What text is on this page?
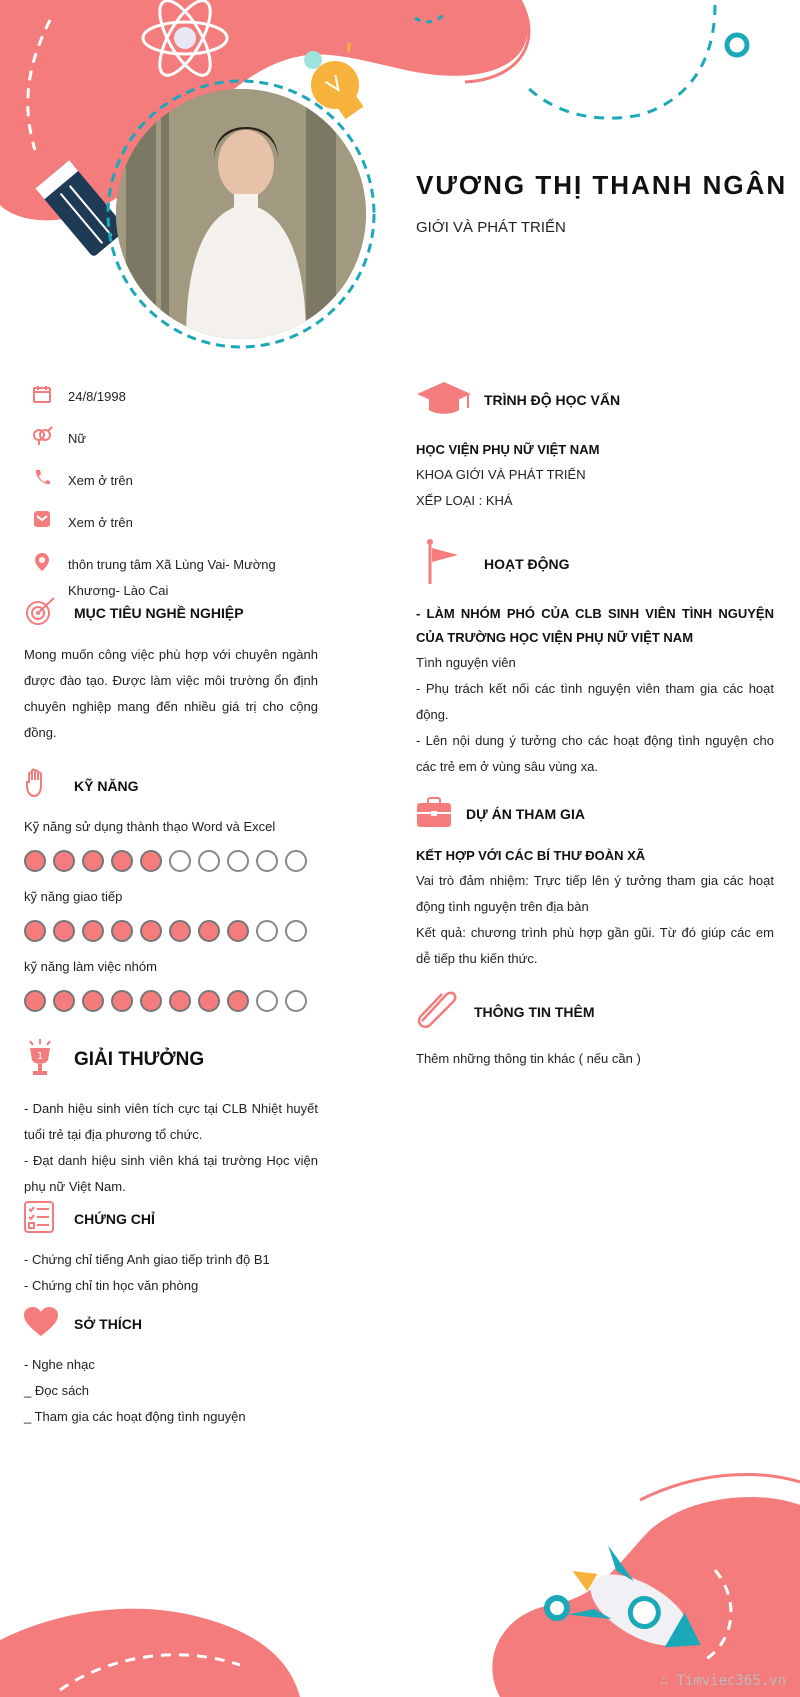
VƯƠNG THỊ THANH NGÂN
GIỚI VÀ PHÁT TRIỂN
24/8/1998
Nữ
Xem ở trên
Xem ở trên
thôn trung tâm Xã Lùng Vai- Mường Khương- Lào Cai
MỤC TIÊU NGHỀ NGHIỆP
Mong muốn công việc phù hợp với chuyên ngành được đào tạo. Được làm việc môi trường ổn định chuyên nghiệp mang đến nhiều giá trị cho cộng đồng.
KỸ NĂNG
Kỹ năng sử dụng thành thạo Word và Excel
kỹ năng giao tiếp
kỹ năng làm việc nhóm
1 GIẢI THƯỞNG
- Danh hiệu sinh viên tích cực tại CLB Nhiệt huyết tuổi trẻ tại địa phương tổ chức.
- Đạt danh hiệu sinh viên khá tại trường Học viện phụ nữ Việt Nam.
CHỨNG CHỈ
- Chứng chỉ tiếng Anh giao tiếp trình độ B1
- Chứng chỉ tin học văn phòng
SỞ THÍCH
- Nghe nhạc
_ Đọc sách
_ Tham gia các hoạt động tình nguyện
TRÌNH ĐỘ HỌC VẤN
HỌC VIỆN PHỤ NỮ VIỆT NAM
KHOA GIỚI VÀ PHÁT TRIỂN
XẾP LOẠI : KHÁ
HOẠT ĐỘNG
- LÀM NHÓM PHÓ CỦA CLB SINH VIÊN TÌNH NGUYỆN CỦA TRƯỜNG HỌC VIỆN PHỤ NỮ VIỆT NAM
Tình nguyện viên
- Phụ trách kết nối các tình nguyện viên tham gia các hoạt động.
- Lên nội dung ý tưởng cho các hoạt động tình nguyện cho các trẻ em ở vùng sâu vùng xa.
DỰ ÁN THAM GIA
KẾT HỢP VỚI CÁC BÍ THƯ ĐOÀN XÃ
Vai trò đảm nhiệm: Trực tiếp lên ý tưởng tham gia các hoạt động tình nguyện trên địa bàn
Kết quả: chương trình phù hợp gần gũi. Từ đó giúp các em dễ tiếp thu kiến thức.
THÔNG TIN THÊM
Thêm những thông tin khác ( nếu cần )
∴ Timviec365.vn
